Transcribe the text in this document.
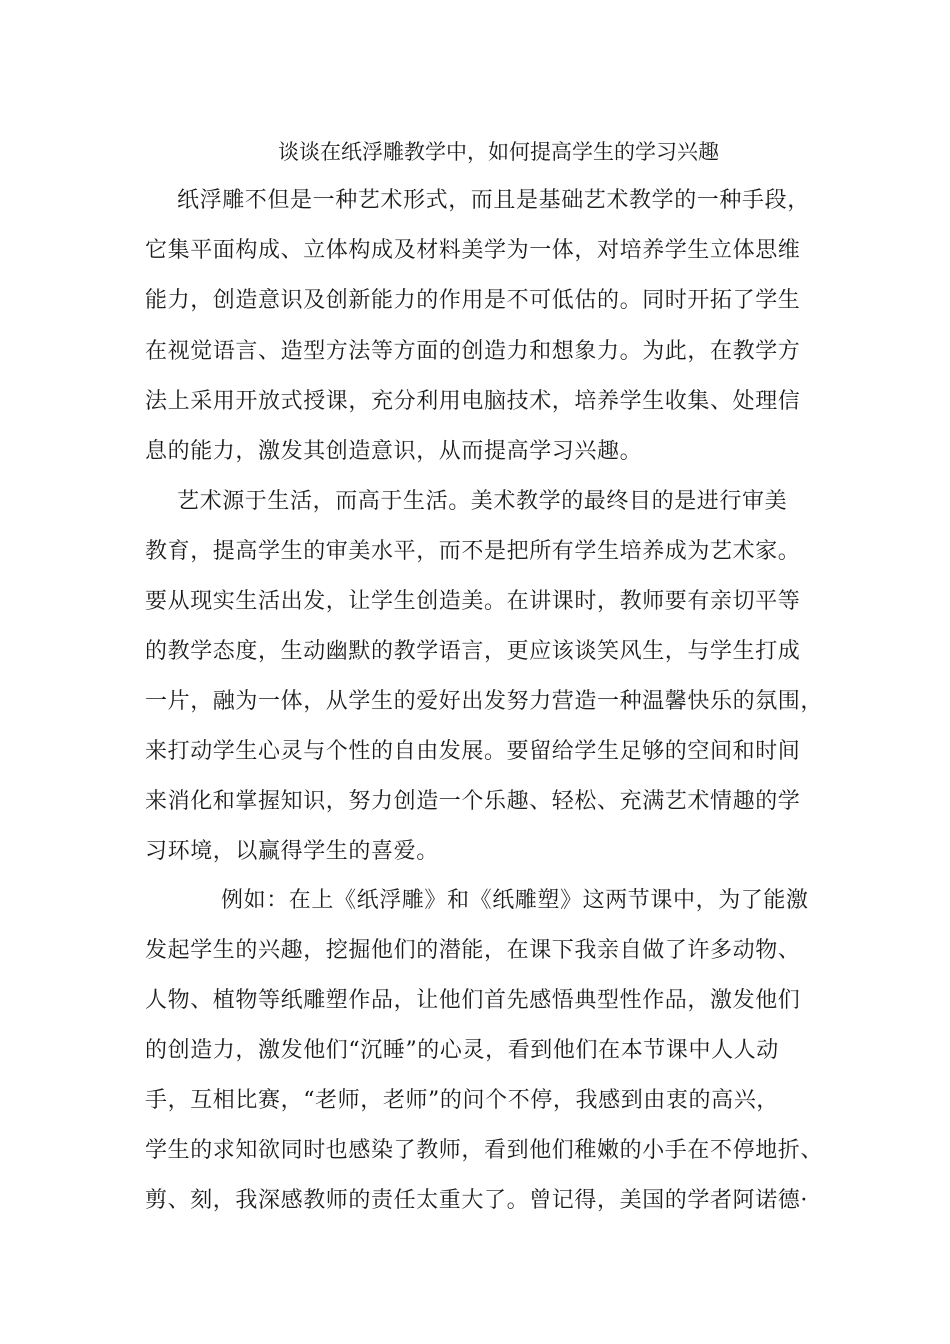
谈谈在纸浮雕教学中，如何提高学生的学习兴趣
纸浮雕不但是一种艺术形式，而且是基础艺术教学的一种手段，
它集平面构成、立体构成及材料美学为一体，对培养学生立体思维
能力，创造意识及创新能力的作用是不可低估的。同时开拓了学生
在视觉语言、造型方法等方面的创造力和想象力。为此，在教学方
法上采用开放式授课，充分利用电脑技术，培养学生收集、处理信
息的能力，激发其创造意识，从而提高学习兴趣。
艺术源于生活，而高于生活。美术教学的最终目的是进行审美
教育，提高学生的审美水平，而不是把所有学生培养成为艺术家。
要从现实生活出发，让学生创造美。在讲课时，教师要有亲切平等
的教学态度，生动幽默的教学语言，更应该谈笑风生，与学生打成
一片，融为一体，从学生的爱好出发努力营造一种温馨快乐的氛围，
来打动学生心灵与个性的自由发展。要留给学生足够的空间和时间
来消化和掌握知识，努力创造一个乐趣、轻松、充满艺术情趣的学
习环境，以赢得学生的喜爱。
例如：在上《纸浮雕》和《纸雕塑》这两节课中，为了能激
发起学生的兴趣，挖掘他们的潜能，在课下我亲自做了许多动物、
人物、植物等纸雕塑作品，让他们首先感悟典型性作品，激发他们
的创造力，激发他们“沉睡”的心灵，看到他们在本节课中人人动
手，互相比赛，“老师，老师”的问个不停，我感到由衷的高兴，
学生的求知欲同时也感染了教师，看到他们稚嫩的小手在不停地折、
剪、刻，我深感教师的责任太重大了。曾记得，美国的学者阿诺德·
